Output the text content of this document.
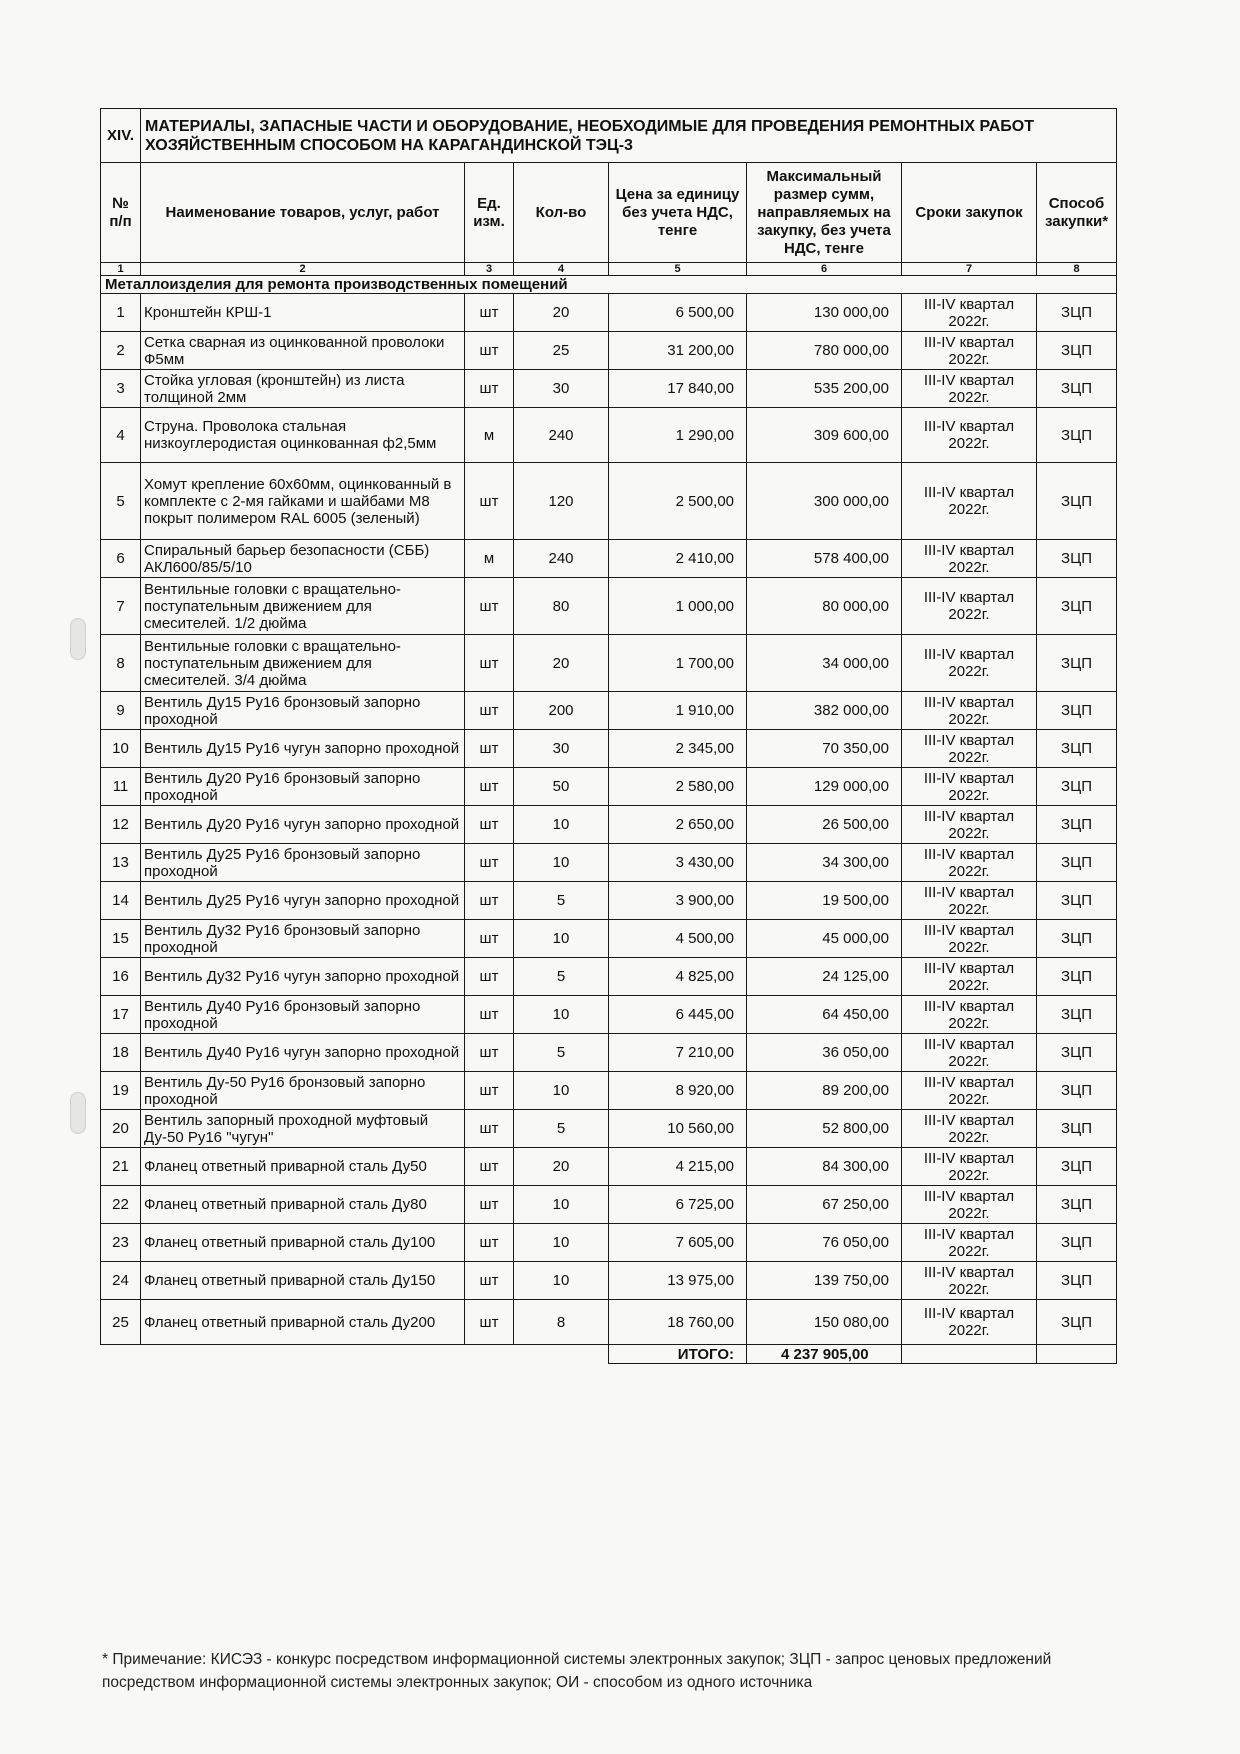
XIV.	МАТЕРИАЛЫ, ЗАПАСНЫЕ ЧАСТИ И ОБОРУДОВАНИЕ, НЕОБХОДИМЫЕ ДЛЯ ПРОВЕДЕНИЯ РЕМОНТНЫХ РАБОТ ХОЗЯЙСТВЕННЫМ СПОСОБОМ НА КАРАГАНДИНСКОЙ ТЭЦ-3						
№ п/п	Наименование товаров, услуг, работ	Ед. изм.	Кол-во	Цена за единицу без учета НДС, тенге	Максимальный размер сумм, направляемых на закупку, без учета НДС, тенге	Сроки закупок	Способ закупки*
1	2	3	4	5	6	7	8
Металлоизделия для ремонта производственных помещений							
1	Кронштейн КРШ-1	шт	20	6 500,00	130 000,00	III-IV квартал 2022г.	ЗЦП
2	Сетка сварная из оцинкованной проволоки Ф5мм	шт	25	31 200,00	780 000,00	III-IV квартал 2022г.	ЗЦП
3	Стойка угловая (кронштейн) из листа толщиной 2мм	шт	30	17 840,00	535 200,00	III-IV квартал 2022г.	ЗЦП
4	Струна. Проволока стальная низкоуглеродистая оцинкованная ф2,5мм	м	240	1 290,00	309 600,00	III-IV квартал 2022г.	ЗЦП
5	Хомут крепление 60х60мм, оцинкованный в комплекте с 2-мя гайками и шайбами М8 покрыт полимером RAL 6005 (зеленый)	шт	120	2 500,00	300 000,00	III-IV квартал 2022г.	ЗЦП
6	Спиральный барьер безопасности (СББ) АКЛ600/85/5/10	м	240	2 410,00	578 400,00	III-IV квартал 2022г.	ЗЦП
7	Вентильные головки с вращательно-поступательным движением для смесителей. 1/2 дюйма	шт	80	1 000,00	80 000,00	III-IV квартал 2022г.	ЗЦП
8	Вентильные головки с вращательно-поступательным движением для смесителей. 3/4 дюйма	шт	20	1 700,00	34 000,00	III-IV квартал 2022г.	ЗЦП
9	Вентиль Ду15 Ру16 бронзовый запорно проходной	шт	200	1 910,00	382 000,00	III-IV квартал 2022г.	ЗЦП
10	Вентиль Ду15 Ру16 чугун запорно проходной	шт	30	2 345,00	70 350,00	III-IV квартал 2022г.	ЗЦП
11	Вентиль Ду20 Ру16 бронзовый запорно проходной	шт	50	2 580,00	129 000,00	III-IV квартал 2022г.	ЗЦП
12	Вентиль Ду20 Ру16 чугун запорно проходной	шт	10	2 650,00	26 500,00	III-IV квартал 2022г.	ЗЦП
13	Вентиль Ду25 Ру16 бронзовый запорно проходной	шт	10	3 430,00	34 300,00	III-IV квартал 2022г.	ЗЦП
14	Вентиль Ду25 Ру16 чугун запорно проходной	шт	5	3 900,00	19 500,00	III-IV квартал 2022г.	ЗЦП
15	Вентиль Ду32 Ру16 бронзовый запорно проходной	шт	10	4 500,00	45 000,00	III-IV квартал 2022г.	ЗЦП
16	Вентиль Ду32 Ру16 чугун запорно проходной	шт	5	4 825,00	24 125,00	III-IV квартал 2022г.	ЗЦП
17	Вентиль Ду40 Ру16 бронзовый запорно проходной	шт	10	6 445,00	64 450,00	III-IV квартал 2022г.	ЗЦП
18	Вентиль Ду40 Ру16 чугун запорно проходной	шт	5	7 210,00	36 050,00	III-IV квартал 2022г.	ЗЦП
19	Вентиль Ду-50 Ру16 бронзовый запорно проходной	шт	10	8 920,00	89 200,00	III-IV квартал 2022г.	ЗЦП
20	Вентиль запорный проходной муфтовый Ду-50 Ру16 "чугун"	шт	5	10 560,00	52 800,00	III-IV квартал 2022г.	ЗЦП
21	Фланец ответный приварной сталь Ду50	шт	20	4 215,00	84 300,00	III-IV квартал 2022г.	ЗЦП
22	Фланец ответный приварной сталь Ду80	шт	10	6 725,00	67 250,00	III-IV квартал 2022г.	ЗЦП
23	Фланец ответный приварной сталь Ду100	шт	10	7 605,00	76 050,00	III-IV квартал 2022г.	ЗЦП
24	Фланец ответный приварной сталь Ду150	шт	10	13 975,00	139 750,00	III-IV квартал 2022г.	ЗЦП
25	Фланец ответный приварной сталь Ду200	шт	8	18 760,00	150 080,00	III-IV квартал 2022г.	ЗЦП
				ИТОГО:	4 237 905,00		
* Примечание: КИСЭЗ - конкурс посредством информационной системы электронных закупок; ЗЦП - запрос ценовых предложений посредством информационной системы электронных закупок; ОИ - способом из одного источника
